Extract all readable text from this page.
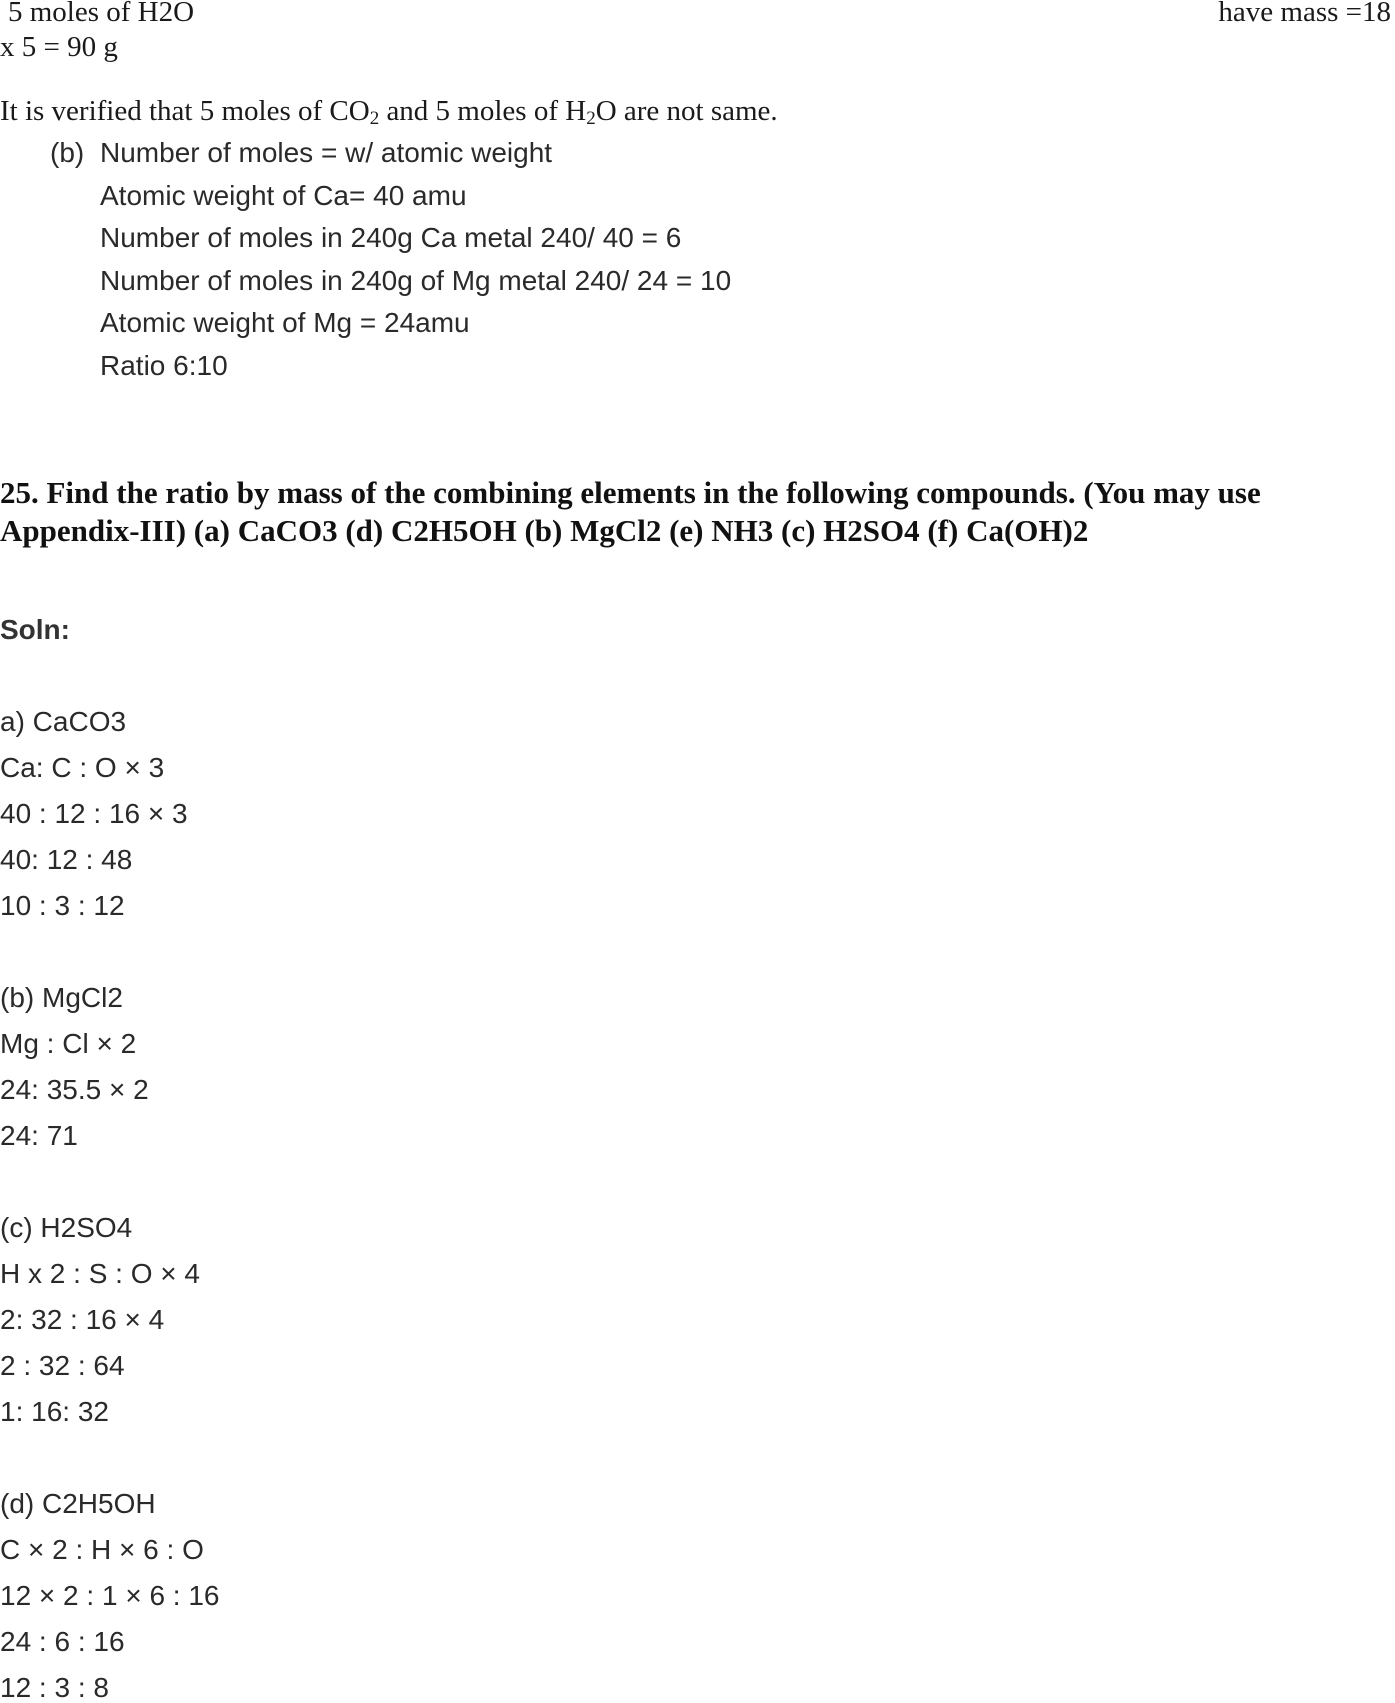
5 moles of H2O	have mass =18
x 5 = 90 g
It is verified that 5 moles of $CO_2$ and 5 moles of $H_2O$ are not same.
(b) Number of moles = w/ atomic weight
Atomic weight of Ca= 40 amu
Number of moles in 240g Ca metal 240/ 40 = 6
Number of moles in 240g of Mg metal 240/ 24 = 10
Atomic weight of Mg = 24amu
Ratio 6:10
25. Find the ratio by mass of the combining elements in the following compounds. (You may use
Appendix-III) (a) CaCO3 (d) C2H5OH (b) MgCl2 (e) NH3 (c) H2SO4 (f) Ca(OH)2
Soln:
a) CaCO3
Ca: C : O × 3
40 : 12 : 16 × 3
40: 12 : 48
10 : 3 : 12
(b) MgCl2
Mg : Cl × 2
24: 35.5 × 2
24: 71
(c) H2SO4
H x 2 : S : O × 4
2: 32 : 16 × 4
2 : 32 : 64
1: 16: 32
(d) C2H5OH
C × 2 : H × 6 : O
12 × 2 : 1 × 6 : 16
24 : 6 : 16
12 : 3 : 8
